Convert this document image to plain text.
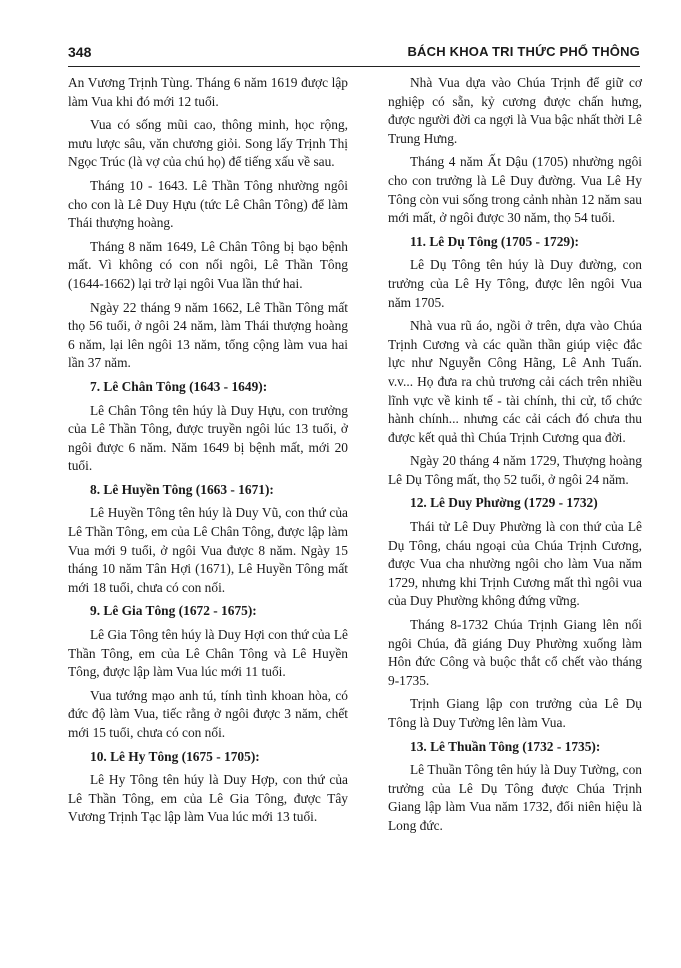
348	BÁCH KHOA TRI THỨC PHỔ THÔNG

An Vương Trịnh Tùng. Tháng 6 năm 1619 được lập làm Vua khi đó mới 12 tuổi.

Vua có sống mũi cao, thông minh, học rộng, mưu lược sâu, văn chương giỏi. Song lấy Trịnh Thị Ngọc Trúc (là vợ của chú họ) để tiếng xấu về sau.

Tháng 10 - 1643. Lê Thần Tông nhường ngôi cho con là Lê Duy Hựu (tức Lê Chân Tông) để làm Thái thượng hoàng.

Tháng 8 năm 1649, Lê Chân Tông bị bạo bệnh mất. Vì không có con nối ngôi, Lê Thần Tông (1644-1662) lại trở lại ngôi Vua lần thứ hai.

Ngày 22 tháng 9 năm 1662, Lê Thần Tông mất thọ 56 tuổi, ở ngôi 24 năm, làm Thái thượng hoàng 6 năm, lại lên ngôi 13 năm, tổng cộng làm vua hai lần 37 năm.

7. Lê Chân Tông (1643 - 1649):

Lê Chân Tông tên húy là Duy Hựu, con trưởng của Lê Thần Tông, được truyền ngôi lúc 13 tuổi, ở ngôi được 6 năm. Năm 1649 bị bệnh mất, mới 20 tuổi.

8. Lê Huyền Tông (1663 - 1671):

Lê Huyền Tông tên húy là Duy Vũ, con thứ của Lê Thần Tông, em của Lê Chân Tông, được lập làm Vua mới 9 tuổi, ở ngôi Vua được 8 năm. Ngày 15 tháng 10 năm Tân Hợi (1671), Lê Huyền Tông mất mới 18 tuổi, chưa có con nối.

9. Lê Gia Tông (1672 - 1675):

Lê Gia Tông tên húy là Duy Hợi con thứ của Lê Thần Tông, em của Lê Chân Tông và Lê Huyền Tông, được lập làm Vua lúc mới 11 tuổi.

Vua tướng mạo anh tú, tính tình khoan hòa, có đức độ làm Vua, tiếc rằng ở ngôi được 3 năm, chết mới 15 tuổi, chưa có con nối.

10. Lê Hy Tông (1675 - 1705):

Lê Hy Tông tên húy là Duy Hợp, con thứ của Lê Thần Tông, em của Lê Gia Tông, được Tây Vương Trịnh Tạc lập làm Vua lúc mới 13 tuổi.

Nhà Vua dựa vào Chúa Trịnh để giữ cơ nghiệp có sẵn, kỷ cương được chấn hưng, được người đời ca ngợi là Vua bậc nhất thời Lê Trung Hưng.

Tháng 4 năm Ất Dậu (1705) nhường ngôi cho con trưởng là Lê Duy đường. Vua Lê Hy Tông còn vui sống trong cảnh nhàn 12 năm sau mới mất, ở ngôi được 30 năm, thọ 54 tuổi.

11. Lê Dụ Tông (1705 - 1729):

Lê Dụ Tông tên húy là Duy đường, con trưởng của Lê Hy Tông, được lên ngôi Vua năm 1705.

Nhà vua rũ áo, ngồi ở trên, dựa vào Chúa Trịnh Cương và các quần thần giúp việc đắc lực như Nguyễn Công Hãng, Lê Anh Tuấn. v.v... Họ đưa ra chủ trương cải cách trên nhiều lĩnh vực về kinh tế - tài chính, thi cử, tổ chức hành chính... nhưng các cải cách đó chưa thu được kết quả thì Chúa Trịnh Cương qua đời.

Ngày 20 tháng 4 năm 1729, Thượng hoàng Lê Dụ Tông mất, thọ 52 tuổi, ở ngôi 24 năm.

12. Lê Duy Phường (1729 - 1732)

Thái tử Lê Duy Phường là con thứ của Lê Dụ Tông, cháu ngoại của Chúa Trịnh Cương, được Vua cha nhường ngôi cho làm Vua năm 1729, nhưng khi Trịnh Cương mất thì ngôi vua của Duy Phường không đứng vững.

Tháng 8-1732 Chúa Trịnh Giang lên nối ngôi Chúa, đã giáng Duy Phường xuống làm Hôn đức Công và buộc thắt cổ chết vào tháng 9-1735.

Trịnh Giang lập con trưởng của Lê Dụ Tông là Duy Tường lên làm Vua.

13. Lê Thuần Tông (1732 - 1735):

Lê Thuần Tông tên húy là Duy Tường, con trưởng của Lê Dụ Tông được Chúa Trịnh Giang lập làm Vua năm 1732, đổi niên hiệu là Long đức.
